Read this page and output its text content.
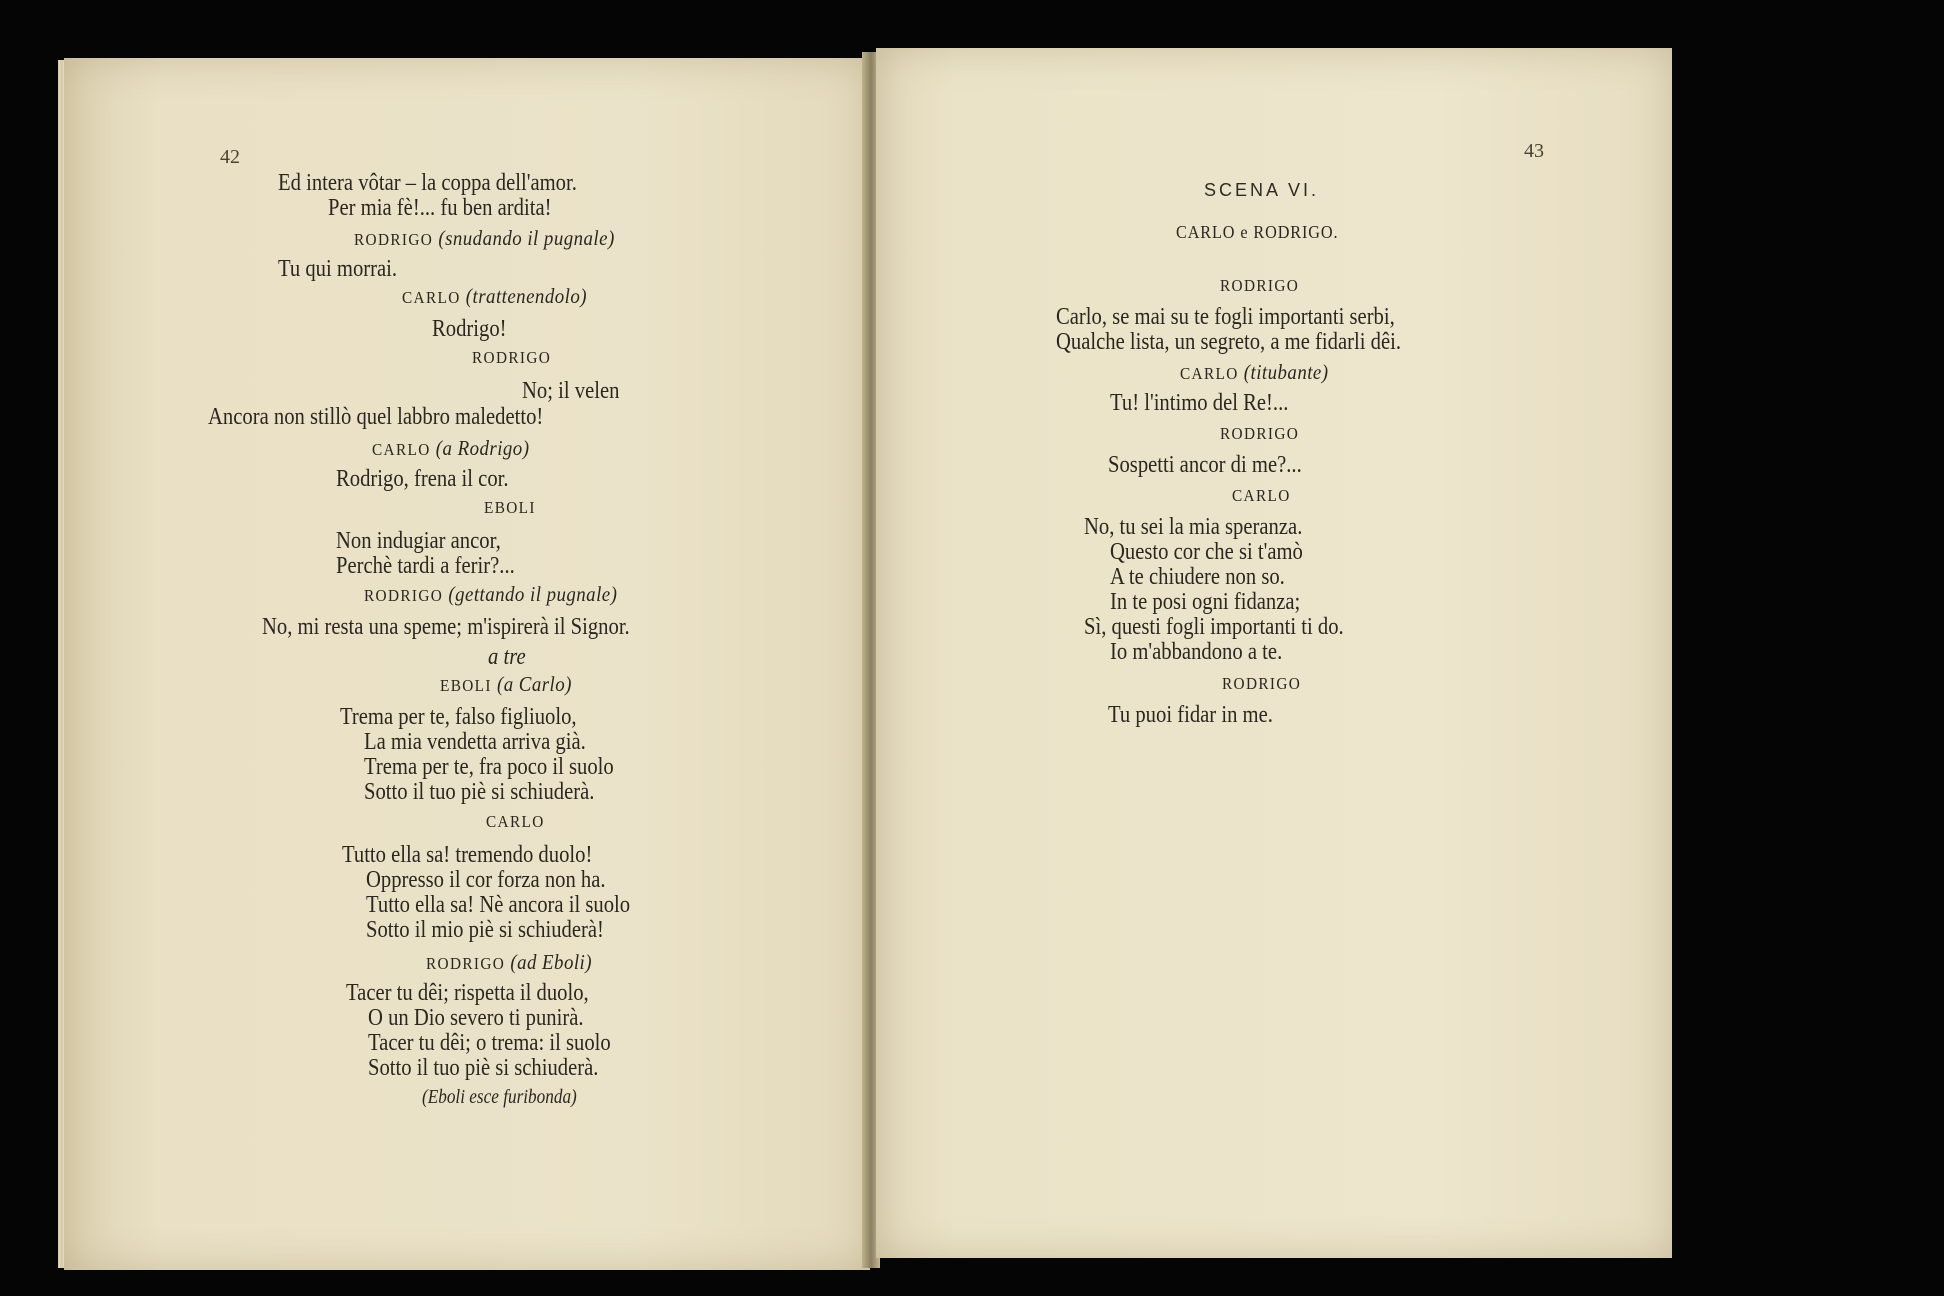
42
Ed intera vôtar – la coppa dell'amor.
Per mia fè!... fu ben ardita!
RODRIGO (snudando il pugnale)
Tu qui morrai.
CARLO (trattenendolo)
Rodrigo!
RODRIGO
No; il velen
Ancora non stillò quel labbro maledetto!
CARLO (a Rodrigo)
Rodrigo, frena il cor.
EBOLI
Non indugiar ancor,
Perchè tardi a ferir?...
RODRIGO (gettando il pugnale)
No, mi resta una speme; m'ispirerà il Signor.
a tre
EBOLI (a Carlo)
Trema per te, falso figliuolo,
La mia vendetta arriva già.
Trema per te, fra poco il suolo
Sotto il tuo piè si schiuderà.
CARLO
Tutto ella sa! tremendo duolo!
Oppresso il cor forza non ha.
Tutto ella sa! Nè ancora il suolo
Sotto il mio piè si schiuderà!
RODRIGO (ad Eboli)
Tacer tu dêi; rispetta il duolo,
O un Dio severo ti punirà.
Tacer tu dêi; o trema: il suolo
Sotto il tuo piè si schiuderà.
(Eboli esce furibonda)
43
SCENA VI.
CARLO e RODRIGO.
RODRIGO
Carlo, se mai su te fogli importanti serbi,
Qualche lista, un segreto, a me fidarli dêi.
CARLO (titubante)
Tu! l'intimo del Re!...
RODRIGO
Sospetti ancor di me?...
CARLO
No, tu sei la mia speranza.
Questo cor che si t'amò
A te chiudere non so.
In te posi ogni fidanza;
Sì, questi fogli importanti ti do.
Io m'abbandono a te.
RODRIGO
Tu puoi fidar in me.
